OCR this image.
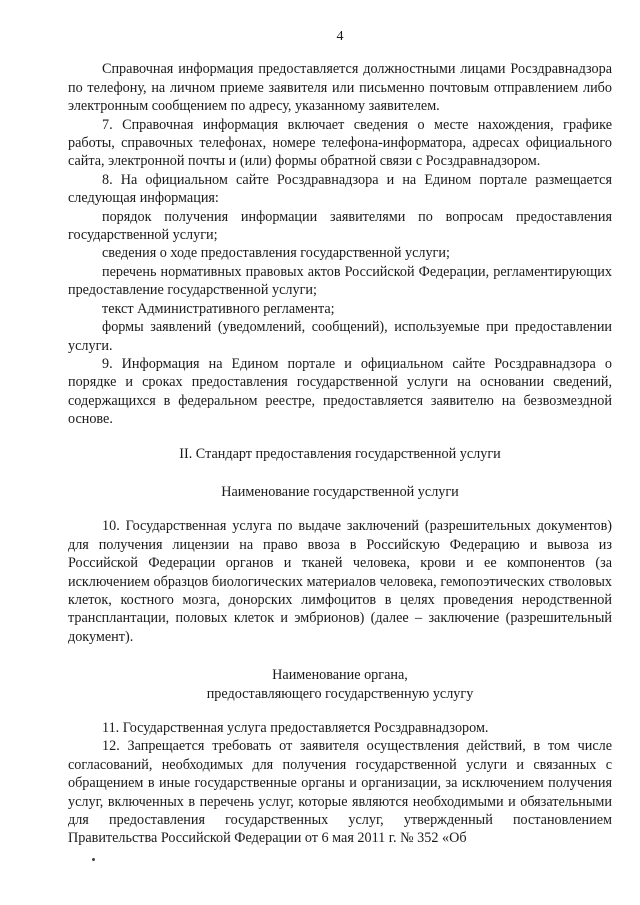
4

Справочная информация предоставляется должностными лицами Росздравнадзора по телефону, на личном приеме заявителя или письменно почтовым отправлением либо электронным сообщением по адресу, указанному заявителем.

7. Справочная информация включает сведения о месте нахождения, графике работы, справочных телефонах, номере телефона-информатора, адресах официального сайта, электронной почты и (или) формы обратной связи с Росздравнадзором.

8. На официальном сайте Росздравнадзора и на Едином портале размещается следующая информация:

порядок получения информации заявителями по вопросам предоставления государственной услуги;

сведения о ходе предоставления государственной услуги;

перечень нормативных правовых актов Российской Федерации, регламентирующих предоставление государственной услуги;

текст Административного регламента;

формы заявлений (уведомлений, сообщений), используемые при предоставлении услуги.

9. Информация на Едином портале и официальном сайте Росздравнадзора о порядке и сроках предоставления государственной услуги на основании сведений, содержащихся в федеральном реестре, предоставляется заявителю на безвозмездной основе.

II. Стандарт предоставления государственной услуги
Наименование государственной услуги

10. Государственная услуга по выдаче заключений (разрешительных документов) для получения лицензии на право ввоза в Российскую Федерацию и вывоза из Российской Федерации органов и тканей человека, крови и ее компонентов (за исключением образцов биологических материалов человека, гемопоэтических стволовых клеток, костного мозга, донорских лимфоцитов в целях проведения неродственной трансплантации, половых клеток и эмбрионов) (далее – заключение (разрешительный документ).

Наименование органа,
предоставляющего государственную услугу

11. Государственная услуга предоставляется Росздравнадзором.

12. Запрещается требовать от заявителя осуществления действий, в том числе согласований, необходимых для получения государственной услуги и связанных с обращением в иные государственные органы и организации, за исключением получения услуг, включенных в перечень услуг, которые являются необходимыми и обязательными для предоставления государственных услуг, утвержденный постановлением Правительства Российской Федерации от 6 мая 2011 г. № 352 «Об
